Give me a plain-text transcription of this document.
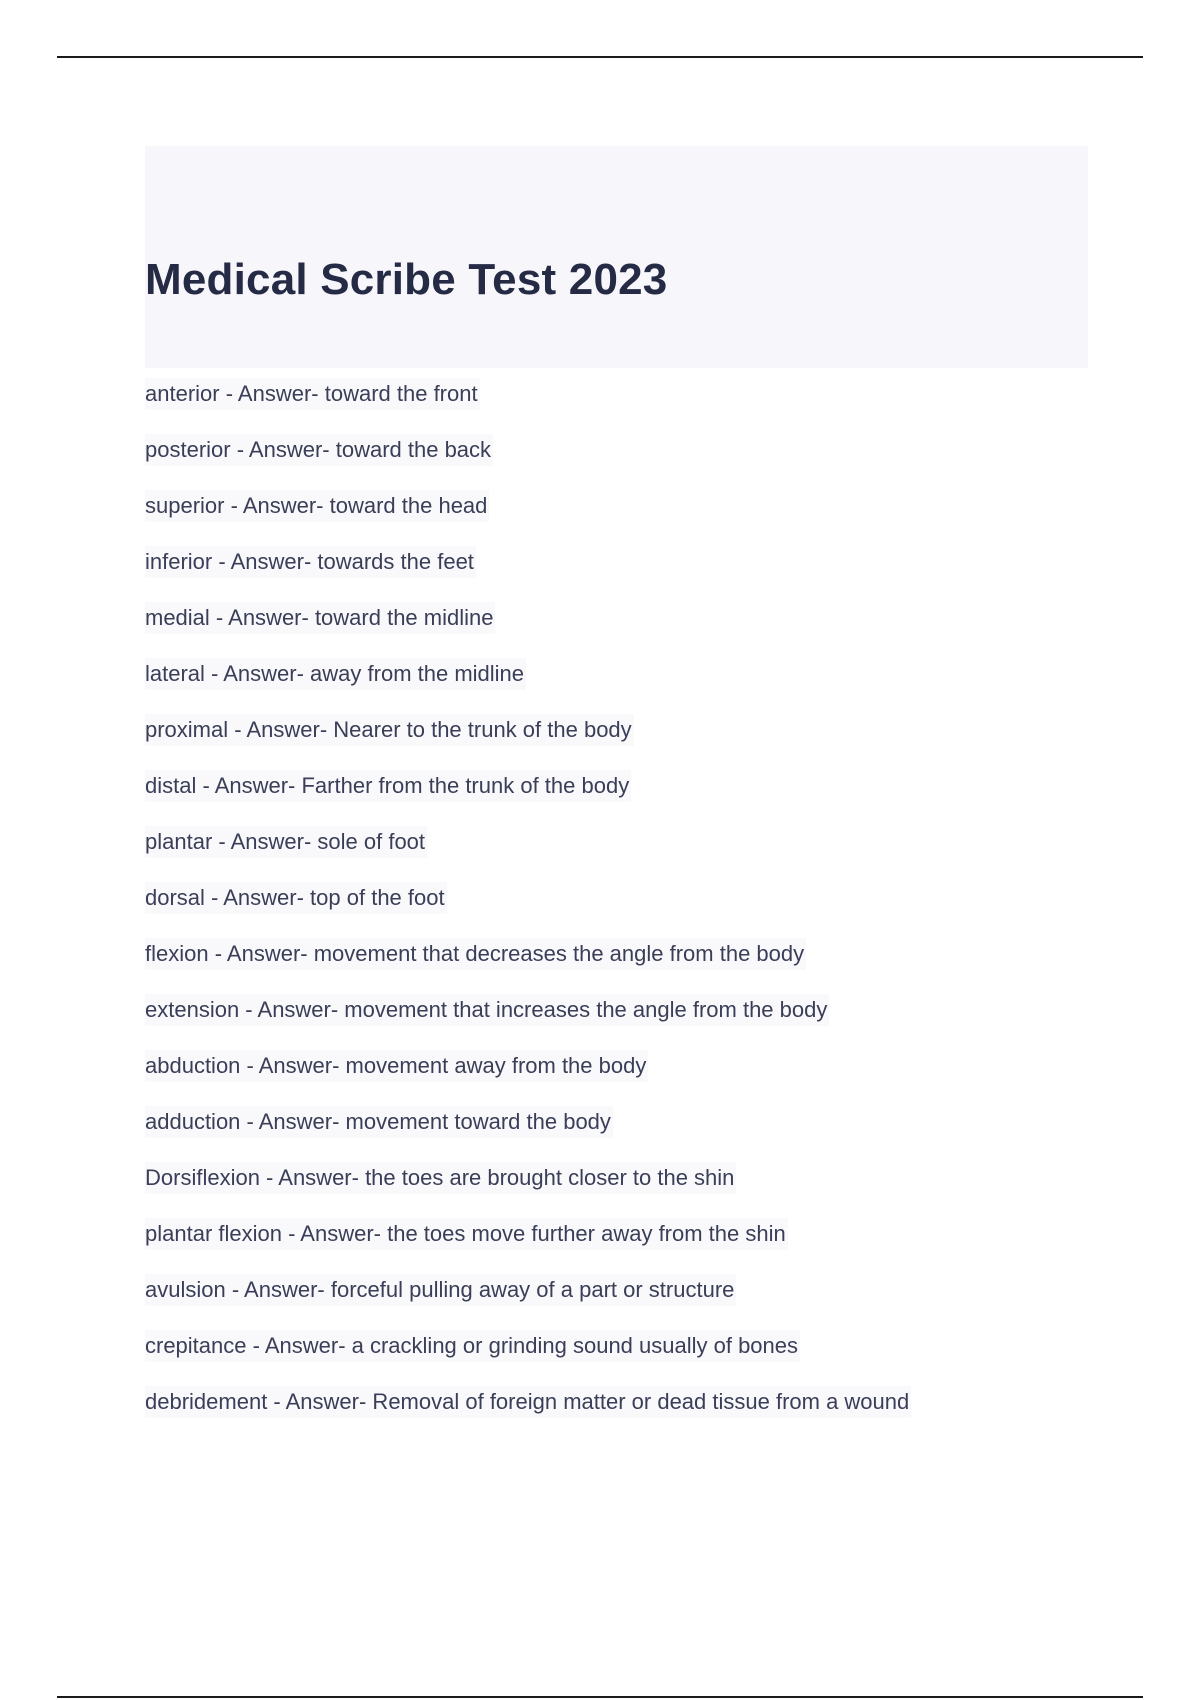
Medical Scribe Test 2023
anterior - Answer- toward the front
posterior - Answer- toward the back
superior - Answer- toward the head
inferior - Answer- towards the feet
medial - Answer- toward the midline
lateral - Answer- away from the midline
proximal - Answer- Nearer to the trunk of the body
distal - Answer- Farther from the trunk of the body
plantar - Answer- sole of foot
dorsal - Answer- top of the foot
flexion - Answer- movement that decreases the angle from the body
extension - Answer- movement that increases the angle from the body
abduction - Answer- movement away from the body
adduction - Answer- movement toward the body
Dorsiflexion - Answer- the toes are brought closer to the shin
plantar flexion - Answer- the toes move further away from the shin
avulsion - Answer- forceful pulling away of a part or structure
crepitance - Answer- a crackling or grinding sound usually of bones
debridement - Answer- Removal of foreign matter or dead tissue from a wound
